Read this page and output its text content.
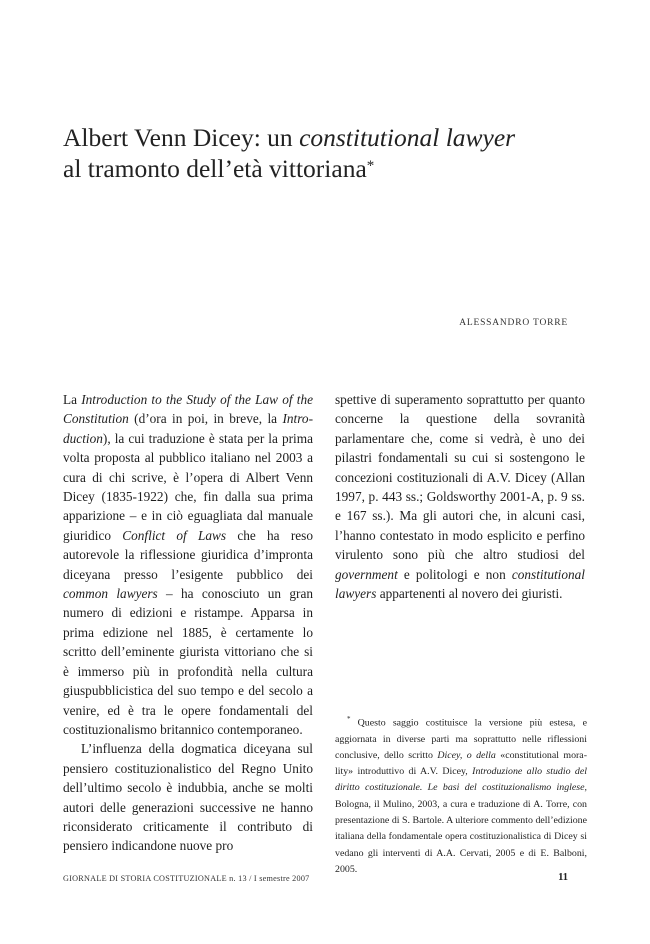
Albert Venn Dicey: un constitutional lawyer
al tramonto dell’età vittoriana*
ALESSANDRO TORRE

La Introduction to the Study of the Law of the Constitution (d’ora in poi, in breve, la Introduction), la cui traduzione è stata per la prima volta proposta al pubblico italiano nel 2003 a cura di chi scrive, è l’opera di Albert Venn Dicey (1835-1922) che, fin dalla sua prima apparizione – e in ciò eguagliata dal manuale giuridico Conflict of Laws che ha reso autorevole la riflessione giuridica d’impronta diceyana presso l’esigente pubblico dei common lawyers – ha conosciuto un gran numero di edizioni e ristampe. Apparsa in prima edizione nel 1885, è certamente lo scritto dell’eminente giurista vittoriano che si è immerso più in profondità nella cultura giuspubblicistica del suo tempo e del secolo a venire, ed è tra le opere fondamentali del costituzionalismo britannico contemporaneo.

L’influenza della dogmatica diceyana sul pensiero costituzionalistico del Regno Unito dell’ultimo secolo è indubbia, anche se molti autori delle generazioni successive ne hanno riconsiderato criticamente il contributo di pensiero indicandone nuove pro

spettive di superamento soprattutto per quanto concerne la questione della sovranità parlamentare che, come si vedrà, è uno dei pilastri fondamentali su cui si sostengono le concezioni costituzionali di A.V. Dicey (Allan 1997, p. 443 ss.; Goldsworthy 2001-A, p. 9 ss. e 167 ss.). Ma gli autori che, in alcuni casi, l’hanno contestato in modo esplicito e perfino virulento sono più che altro studiosi del government e politologi e non constitutional lawyers appartenenti al novero dei giuristi.

* Questo saggio costituisce la versione più estesa, e aggiornata in diverse parti ma soprattutto nelle riflessioni conclusive, dello scritto Dicey, o della «constitutional morality» introduttivo di A.V. Dicey, Introduzione allo studio del diritto costituzionale. Le basi del costituzionalismo inglese, Bologna, il Mulino, 2003, a cura e traduzione di A. Torre, con presentazione di S. Bartole. A ulteriore commento dell’edizione italiana della fondamentale opera costituzionalistica di Dicey si vedano gli interventi di A.A. Cervati, 2005 e di E. Balboni, 2005.

GIORNALE DI STORIA COSTITUZIONALE n. 13 / I semestre 2007	11
